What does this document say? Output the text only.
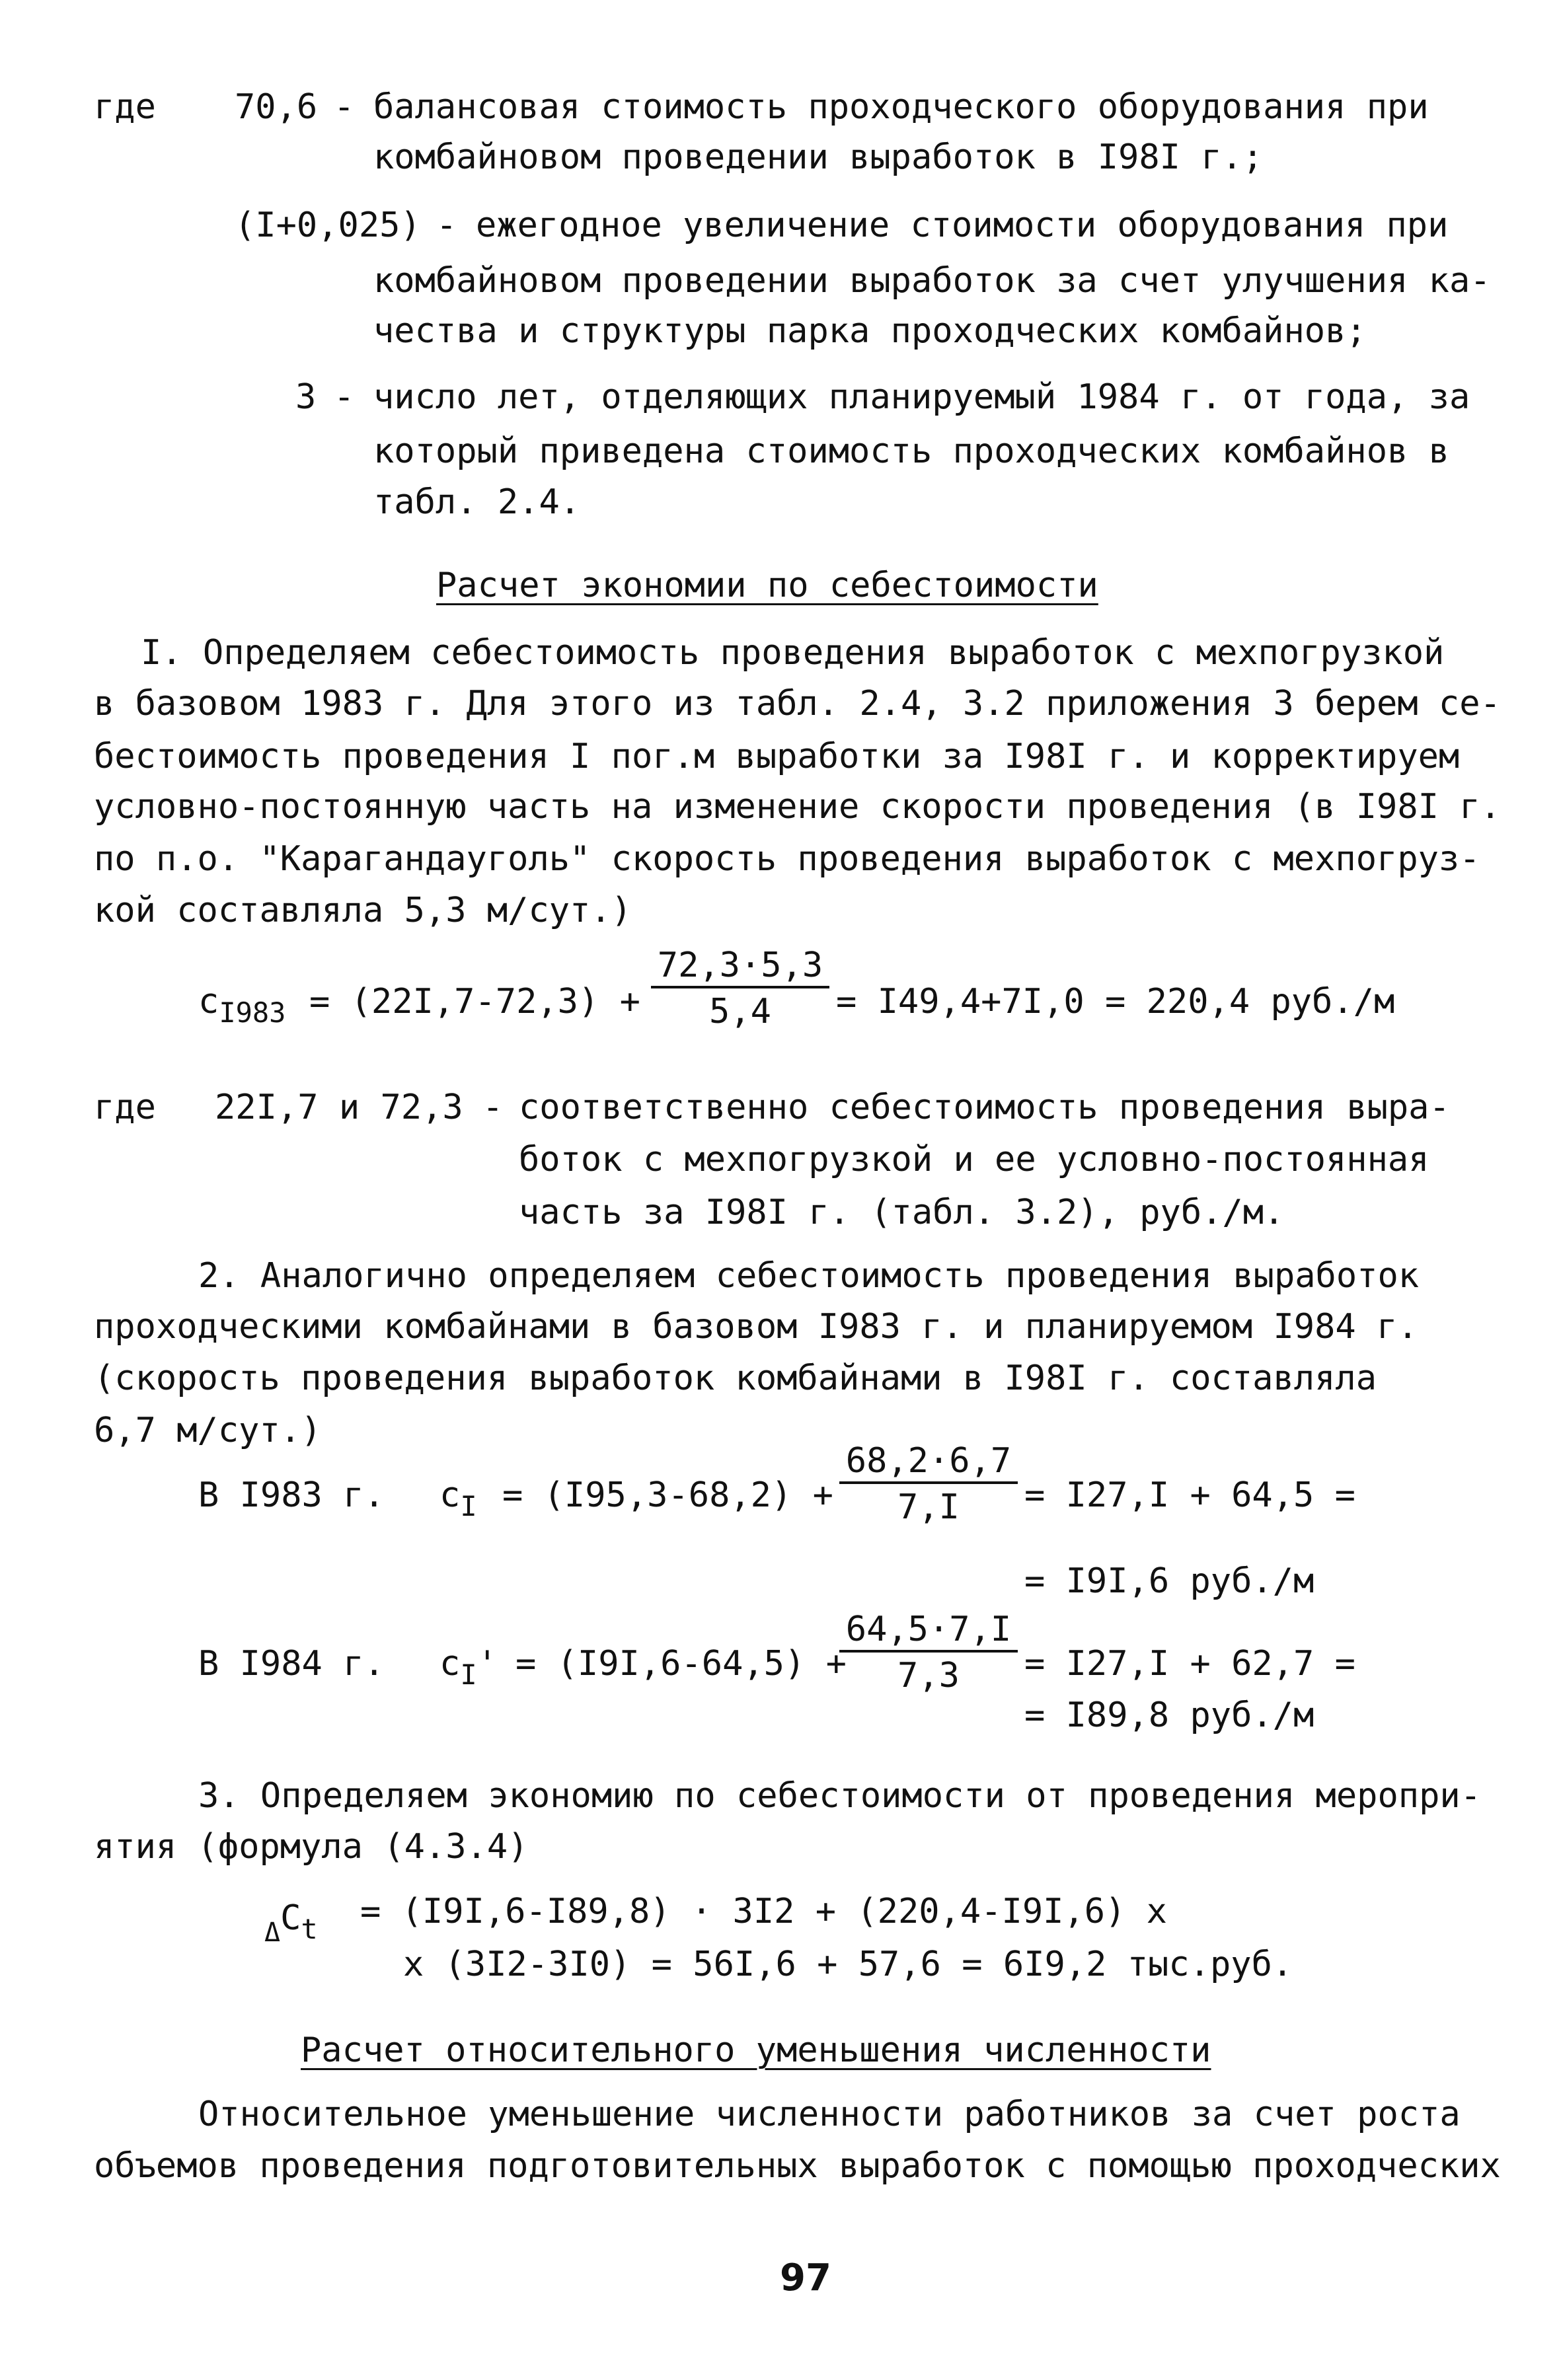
где 70,6 - балансовая стоимость проходческого оборудования при
комбайновом проведении выработок в I98I г.;
(I+0,025) - ежегодное увеличение стоимости оборудования при
комбайновом проведении выработок за счет улучшения ка-
чества и структуры парка проходческих комбайнов;
3 - число лет, отделяющих планируемый 1984 г. от года, за
который приведена стоимость проходческих комбайнов в
табл. 2.4.
Расчет экономии по себестоимости
I. Определяем себестоимость проведения выработок с мехпогрузкой
в базовом 1983 г. Для этого из табл. 2.4, 3.2 приложения 3 берем се-
бестоимость проведения I пог.м выработки за I98I г. и корректируем
условно-постоянную часть на изменение скорости проведения (в I98I г.
по п.о. "Карагандауголь" скорость проведения выработок с мехпогруз-
кой составляла 5,3 м/сут.)
$c_{I983} = (22I,7-72,3) + \frac{72,3\cdot 5,3}{5,4} = I49,4+7I,0 = 220,4$ руб./м
где 22I,7 и 72,3 - соответственно себестоимость проведения выра-
боток с мехпогрузкой и ее условно-постоянная
часть за I98I г. (табл. 3.2), руб./м.
2. Аналогично определяем себестоимость проведения выработок
проходческими комбайнами в базовом I983 г. и планируемом I984 г.
(скорость проведения выработок комбайнами в I98I г. составляла
6,7 м/сут.)
В I983 г. $c_I = (I95,3-68,2) + \frac{68,2\cdot 6,7}{7,I} = I27,I + 64,5$ =
= I9I,6 руб./м
В I984 г. $c_I' = (I9I,6-64,5)$ +
$\frac{64,5\cdot 7,I}{7,3} = I27,I + 62,7$ =
= I89,8 руб./м
3. Определяем экономию по себестоимости от проведения меропри-
ятия (формула (4.3.4)
$_\Delta C_t = (I9I,6-I89,8) \cdot 3I2 + (220,4-I9I,6)$ x
x (3I2-3I0) = 56I,6 + 57,6 = 6I9,2 тыс.руб.
Расчет относительного уменьшения численности
Относительное уменьшение численности работников за счет роста
объемов проведения подготовительных выработок с помощью проходческих
97
